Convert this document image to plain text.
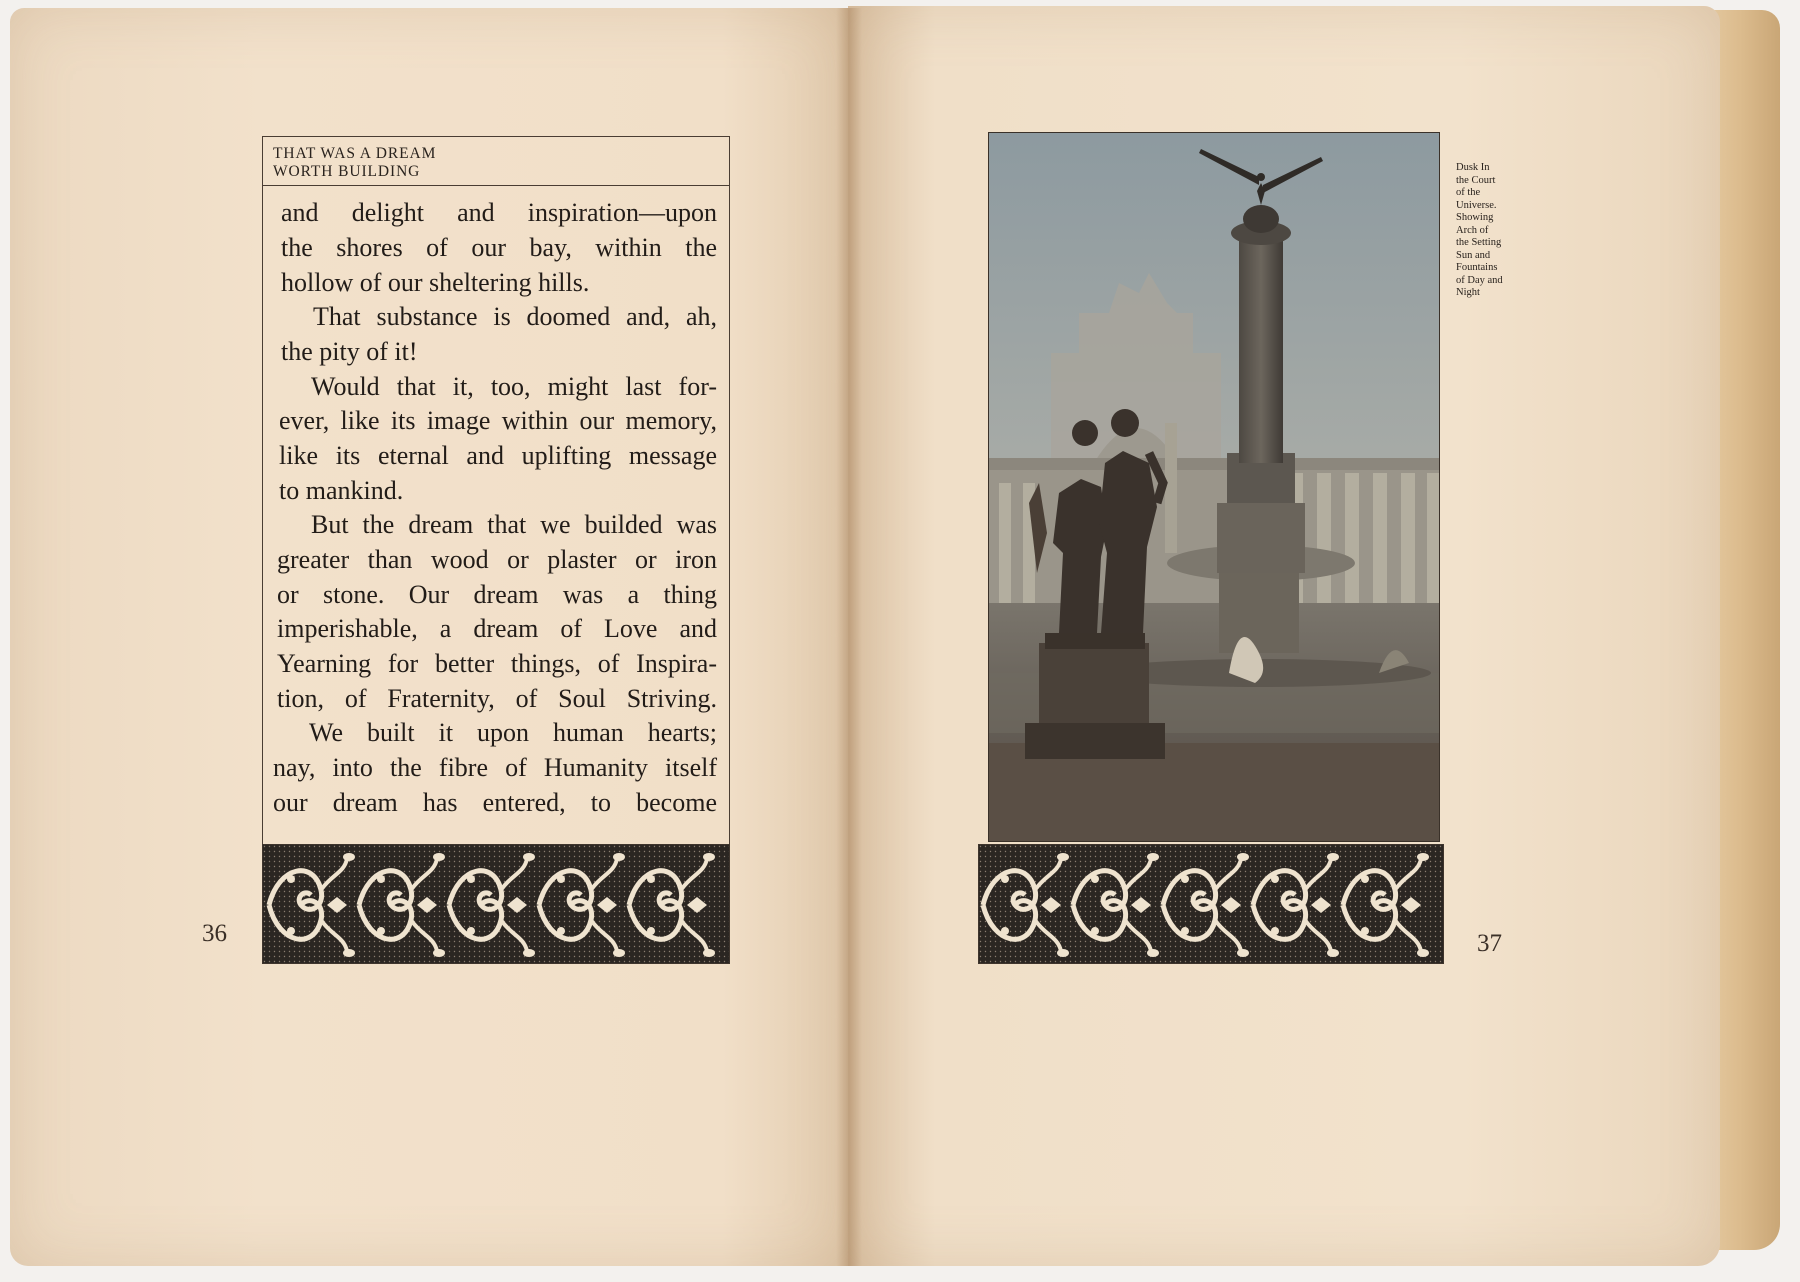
THAT WAS A DREAM
WORTH BUILDING
and delight and inspiration—upon
the shores of our bay, within the
hollow of our sheltering hills.
That substance is doomed and, ah,
the pity of it!
Would that it, too, might last for-
ever, like its image within our memory,
like its eternal and uplifting message
to mankind.
But the dream that we builded was
greater than wood or plaster or iron
or stone. Our dream was a thing
imperishable, a dream of Love and
Yearning for better things, of Inspira-
tion, of Fraternity, of Soul Striving.
We built it upon human hearts;
nay, into the fibre of Humanity itself
our dream has entered, to become
36	37
Dusk In
the Court
of the
Universe.
Showing
Arch of
the Setting
Sun and
Fountains
of Day and
Night
